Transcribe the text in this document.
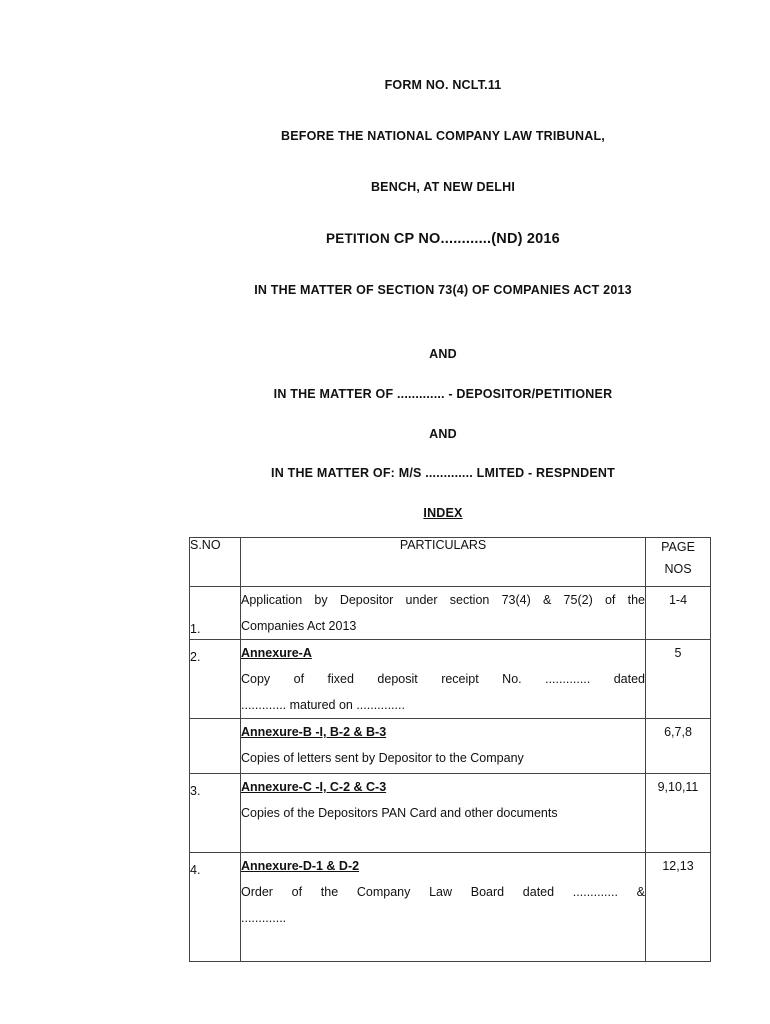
FORM NO. NCLT.11
BEFORE THE NATIONAL COMPANY LAW TRIBUNAL,
BENCH, AT NEW DELHI
PETITION CP NO............(ND) 2016
IN THE MATTER OF SECTION 73(4) OF COMPANIES ACT 2013
AND
IN THE MATTER OF ............. - DEPOSITOR/PETITIONER
AND
IN THE MATTER OF: M/S ............. LMITED - RESPNDENT
INDEX
S.NO	PARTICULARS	PAGE
NOS

1.	Application by Depositor under section 73(4) & 75(2) of the
Companies Act 2013	1-4
2.	Annexure-A
Copy of fixed deposit receipt No. ............. dated
............. matured on ..............	5

	Annexure-B -I, B-2 & B-3
Copies of letters sent by Depositor to the Company	6,7,8
3.	Annexure-C -I, C-2 & C-3
Copies of the Depositors PAN Card and other documents	9,10,11
4.	Annexure-D-1 & D-2
Order of the Company Law Board dated ............. &
.............	12,13
